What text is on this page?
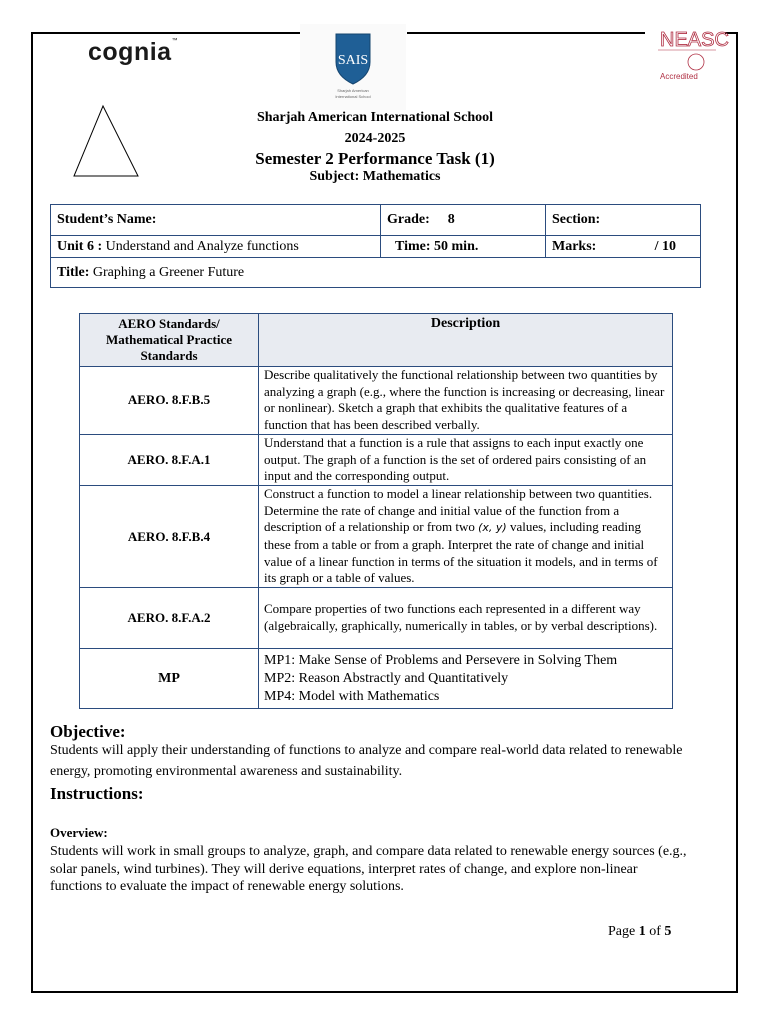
cognia™
SAIS
Sharjah American
International School
NEASC
Accredited
Sharjah American International School
2024-2025
Semester 2 Performance Task (1)
Subject: Mathematics
Student’s Name:	Grade: 8	Section:
Unit 6 : Understand and Analyze functions	Time: 50 min.	Marks: / 10

Title: Graphing a Greener Future		
AERO Standards/ Mathematical Practice Standards	Description
AERO. 8.F.B.5	Describe qualitatively the functional relationship between two quantities by analyzing a graph (e.g., where the function is increasing or decreasing, linear or nonlinear). Sketch a graph that exhibits the qualitative features of a function that has been described verbally.
AERO. 8.F.A.1	Understand that a function is a rule that assigns to each input exactly one output. The graph of a function is the set of ordered pairs consisting of an input and the corresponding output.
AERO. 8.F.B.4	Construct a function to model a linear relationship between two quantities. Determine the rate of change and initial value of the function from a description of a relationship or from two (x, y) values, including reading these from a table or from a graph. Interpret the rate of change and initial value of a linear function in terms of the situation it models, and in terms of its graph or a table of values.
AERO. 8.F.A.2	Compare properties of two functions each represented in a different way (algebraically, graphically, numerically in tables, or by verbal descriptions).
MP	MP1: Make Sense of Problems and Persevere in Solving Them
MP2: Reason Abstractly and Quantitatively
MP4: Model with Mathematics
Objective:
Students will apply their understanding of functions to analyze and compare real-world data related to renewable energy, promoting environmental awareness and sustainability.
Instructions:
Overview:
Students will work in small groups to analyze, graph, and compare data related to renewable energy sources (e.g., solar panels, wind turbines). They will derive equations, interpret rates of change, and explore non-linear functions to evaluate the impact of renewable energy solutions.
Page 1 of 5
